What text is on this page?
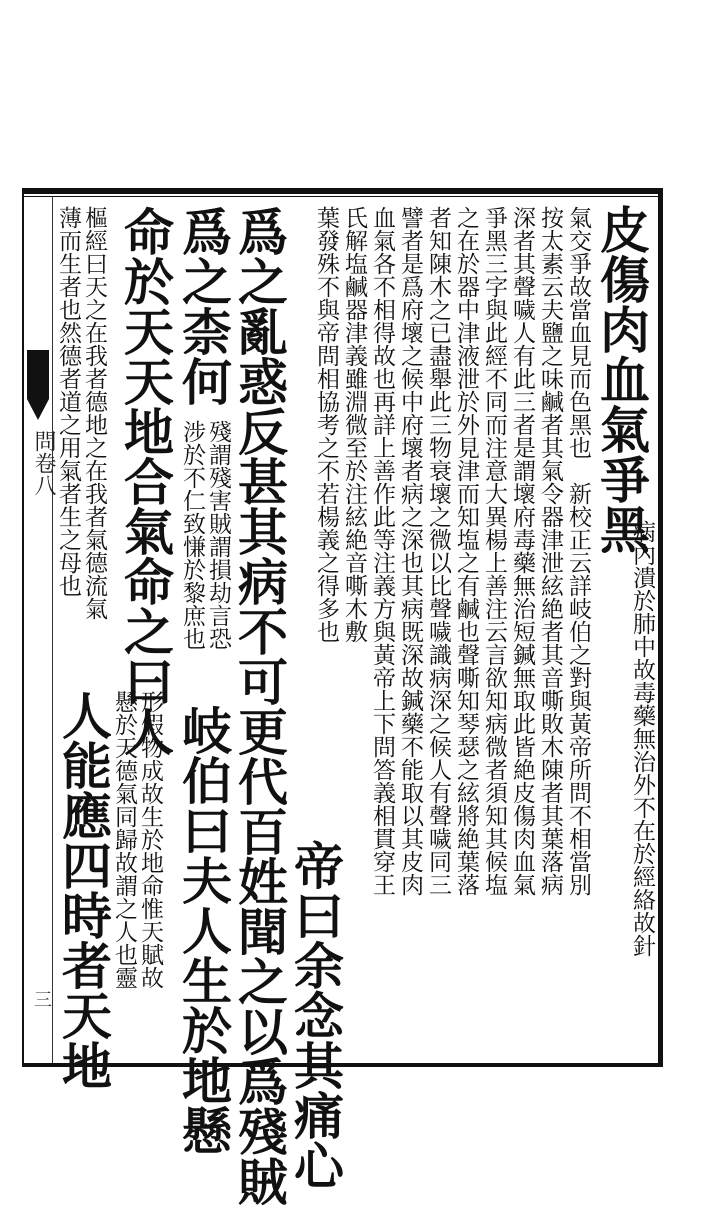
問卷八
三
皮傷肉血氣爭黑
病内潰於肺中故毒藥無治外不在於經絡故針
氣交爭故當血見而色黑也　新校正云詳岐伯之對與黃帝所問不相當別
按太素云夫鹽之味鹹者其氣令器津泄絃絶者其音嘶敗木陳者其葉落病
深者其聲噦人有此三者是謂壞府毒藥無治短鍼無取此皆絶皮傷肉血氣
爭黑三字與此經不同而注意大異楊上善注云言欲知病微者須知其候塩
之在於器中津液泄於外見津而知塩之有鹹也聲嘶知琴瑟之絃將絶葉落
者知陳木之已盡舉此三物衰壞之微以比聲噦識病深之候人有聲噦同三
譬者是爲府壞之候中府壞者病之深也其病既深故鍼藥不能取以其皮肉
血氣各不相得故也再詳上善作此等注義方與黃帝上下問答義相貫穿王
氏解塩鹹器津義雖淵微至於注絃絶音嘶木敷
葉發殊不與帝問相協考之不若楊義之得多也
帝曰余念其痛心
爲之亂惑反甚其病不可更代百姓聞之以爲殘賊
爲之柰何
殘謂殘害賊謂損劫言恐
涉於不仁致慊於黎庶也
岐伯曰夫人生於地懸
命於天天地合氣命之曰人
形假物成故生於地命惟天賦故
懸於天德氣同歸故謂之人也靈
樞經曰天之在我者德地之在我者氣德流氣
薄而生者也然德者道之用氣者生之母也
人能應四時者天地
